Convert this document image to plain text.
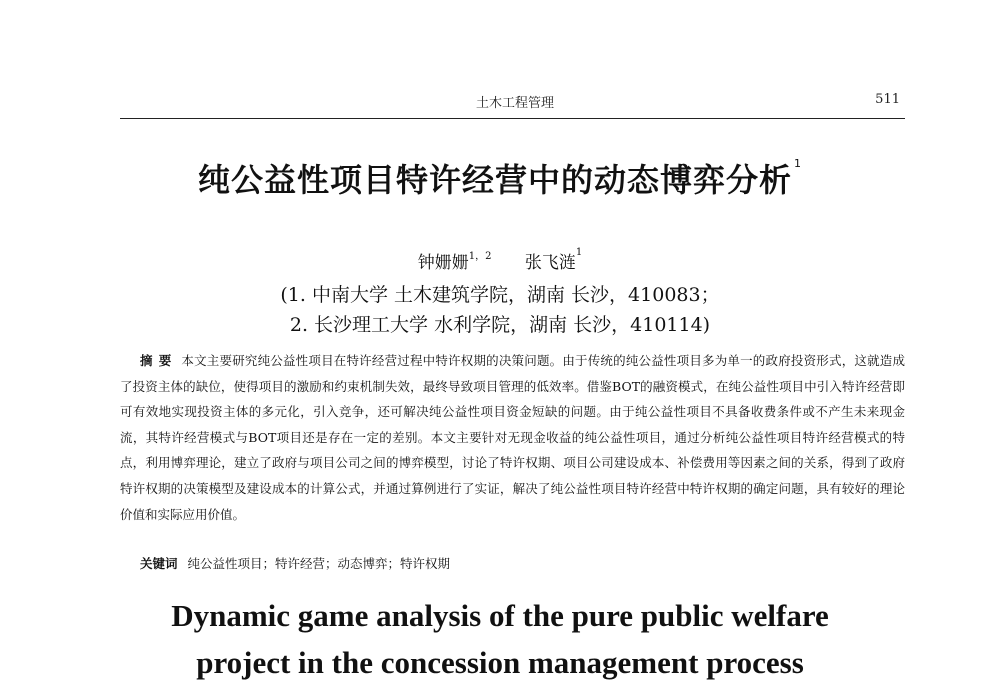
土木工程管理	511
纯公益性项目特许经营中的动态博弈分析 $^1$
钟姗姗$^{1,2}$ 张飞涟$^1$
(1. 中南大学 土木建筑学院，湖南 长沙，410083；
2. 长沙理工大学 水利学院，湖南 长沙，410114)
摘要 本文主要研究纯公益性项目在特许经营过程中特许权期的决策问题。由于传统的纯公益性项目多为单一的政府投资形式，这就造成了投资主体的缺位，使得项目的激励和约束机制失效，最终导致项目管理的低效率。借鉴BOT的融资模式，在纯公益性项目中引入特许经营即可有效地实现投资主体的多元化，引入竞争，还可解决纯公益性项目资金短缺的问题。由于纯公益性项目不具备收费条件或不产生未来现金流，其特许经营模式与BOT项目还是存在一定的差别。本文主要针对无现金收益的纯公益性项目，通过分析纯公益性项目特许经营模式的特点，利用博弈理论，建立了政府与项目公司之间的博弈模型，讨论了特许权期、项目公司建设成本、补偿费用等因素之间的关系，得到了政府特许权期的决策模型及建设成本的计算公式，并通过算例进行了实证，解决了纯公益性项目特许经营中特许权期的确定问题，具有较好的理论价值和实际应用价值。
关键词 纯公益性项目；特许经营；动态博弈；特许权期
Dynamic game analysis of the pure public welfare
project in the concession management process
